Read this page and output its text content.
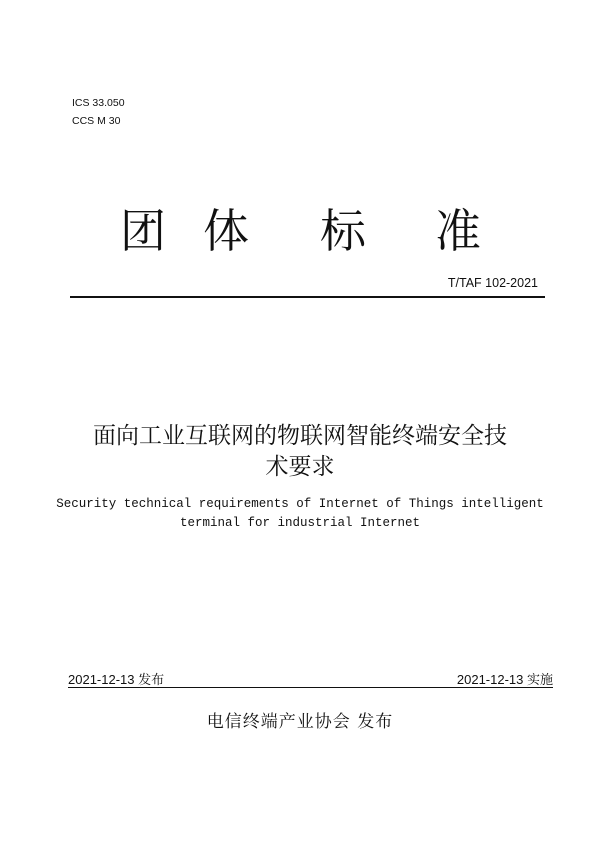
ICS 33.050
CCS M 30
团 体 标 准
T/TAF 102-2021
面向工业互联网的物联网智能终端安全技
术要求
Security technical requirements of Internet of Things intelligent
terminal for industrial Internet
2021-12-13 发布	2021-12-13 实施
电信终端产业协会 发布
